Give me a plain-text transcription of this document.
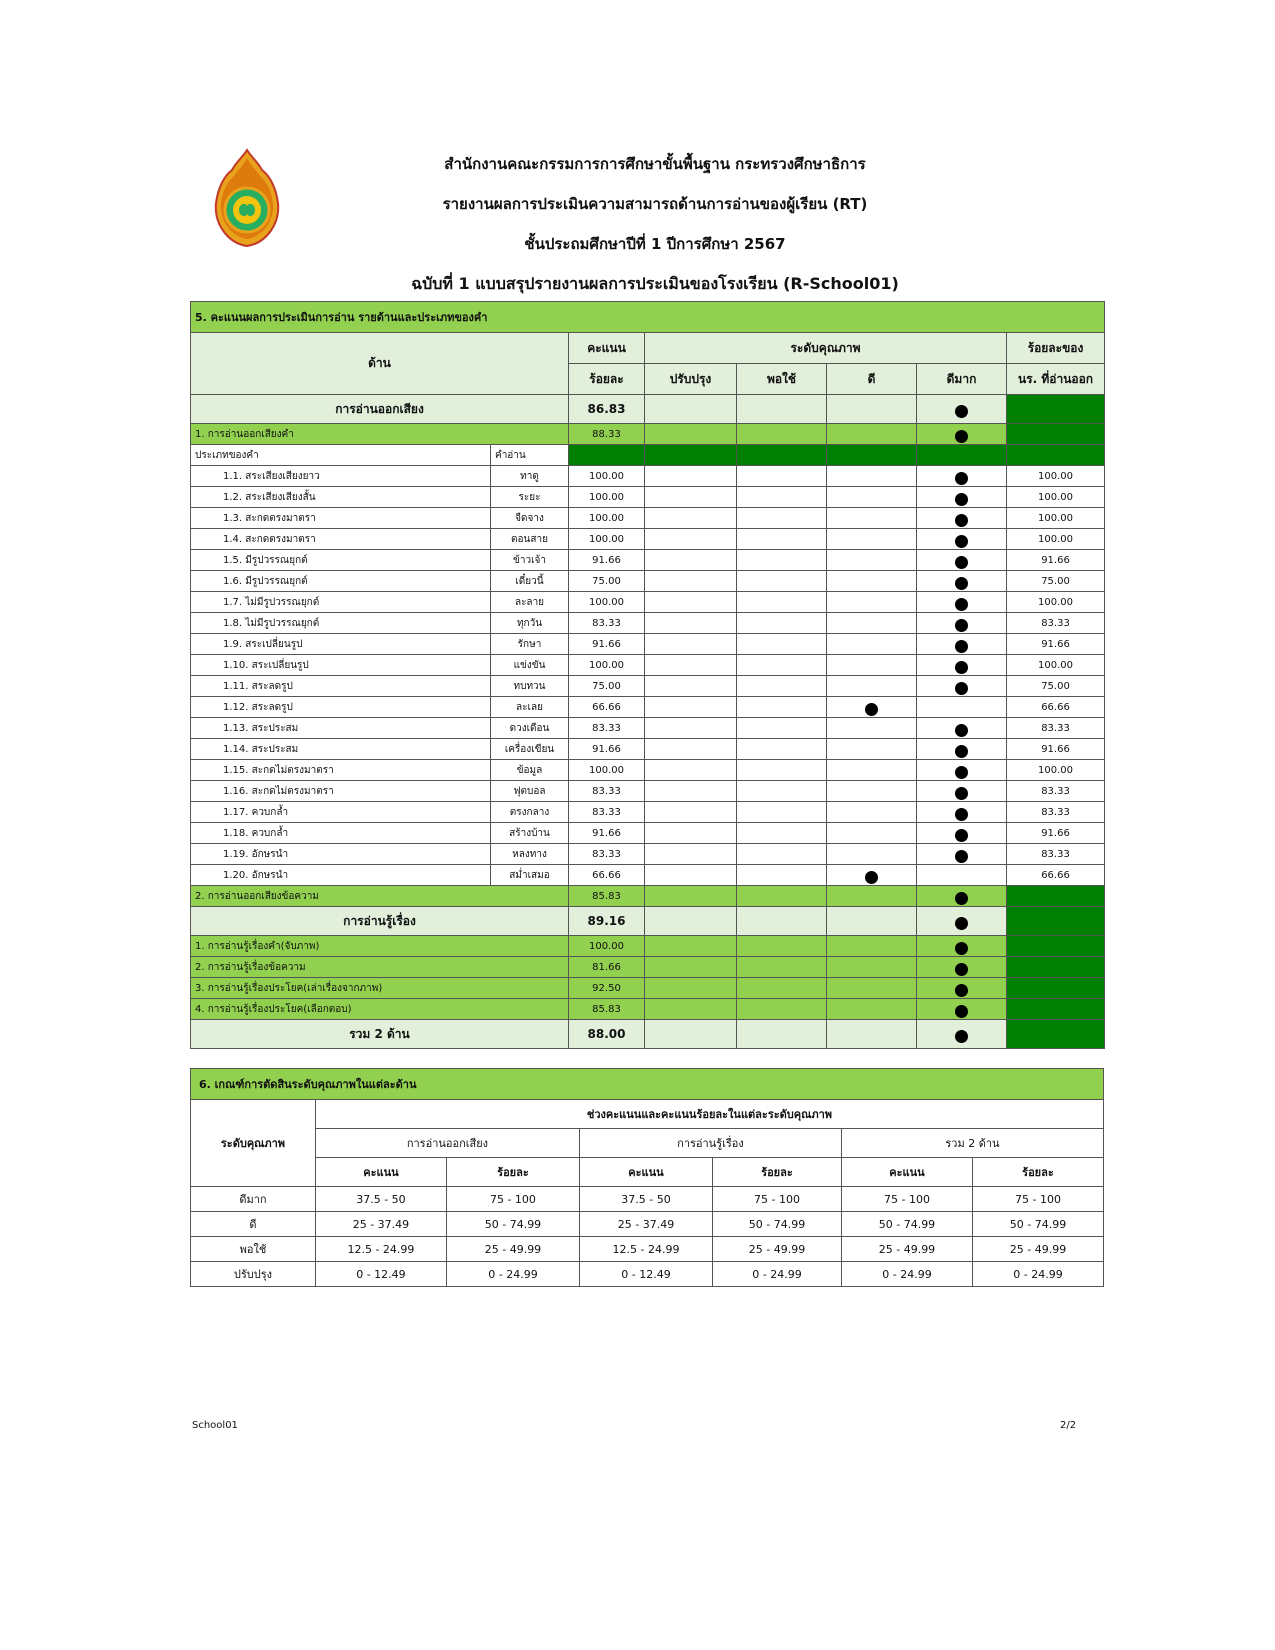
สำนักงานคณะกรรมการการศึกษาขั้นพื้นฐาน กระทรวงศึกษาธิการ
รายงานผลการประเมินความสามารถด้านการอ่านของผู้เรียน (RT)
ชั้นประถมศึกษาปีที่ 1 ปีการศึกษา 2567
ฉบับที่ 1 แบบสรุปรายงานผลการประเมินของโรงเรียน (R-School01)
5. คะแนนผลการประเมินการอ่าน รายด้านและประเภทของคำ							
ด้าน		คะแนน	ระดับคุณภาพ				ร้อยละของ
		ร้อยละ	ปรับปรุง	พอใช้	ดี	ดีมาก	นร. ที่อ่านออก
การอ่านออกเสียง		86.83					
1. การอ่านออกเสียงคำ		88.33					
ประเภทของคำ	คำอ่าน						
1.1. สระเสียงเสียงยาว	ทาดู	100.00					100.00
1.2. สระเสียงเสียงสั้น	ระยะ	100.00					100.00
1.3. สะกดตรงมาตรา	จืดจาง	100.00					100.00
1.4. สะกดตรงมาตรา	ตอนสาย	100.00					100.00
1.5. มีรูปวรรณยุกต์	ข้าวเจ้า	91.66					91.66
1.6. มีรูปวรรณยุกต์	เดี๋ยวนี้	75.00					75.00
1.7. ไม่มีรูปวรรณยุกต์	ละลาย	100.00					100.00
1.8. ไม่มีรูปวรรณยุกต์	ทุกวัน	83.33					83.33
1.9. สระเปลี่ยนรูป	รักษา	91.66					91.66
1.10. สระเปลี่ยนรูป	แข่งขัน	100.00					100.00
1.11. สระลดรูป	ทบทวน	75.00					75.00
1.12. สระลดรูป	ละเลย	66.66					66.66
1.13. สระประสม	ดวงเดือน	83.33					83.33
1.14. สระประสม	เครื่องเขียน	91.66					91.66
1.15. สะกดไม่ตรงมาตรา	ข้อมูล	100.00					100.00
1.16. สะกดไม่ตรงมาตรา	ฟุตบอล	83.33					83.33
1.17. ควบกล้ำ	ตรงกลาง	83.33					83.33
1.18. ควบกล้ำ	สร้างบ้าน	91.66					91.66
1.19. อักษรนำ	หลงทาง	83.33					83.33
1.20. อักษรนำ	สม่ำเสมอ	66.66					66.66
2. การอ่านออกเสียงข้อความ		85.83					
การอ่านรู้เรื่อง		89.16					
1. การอ่านรู้เรื่องคำ(จับภาพ)		100.00					
2. การอ่านรู้เรื่องข้อความ		81.66					
3. การอ่านรู้เรื่องประโยค(เล่าเรื่องจากภาพ)		92.50					
4. การอ่านรู้เรื่องประโยค(เลือกตอบ)		85.83					
รวม 2 ด้าน		88.00					
6. เกณฑ์การตัดสินระดับคุณภาพในแต่ละด้าน						
ระดับคุณภาพ	ช่วงคะแนนและคะแนนร้อยละในแต่ละระดับคุณภาพ					
	การอ่านออกเสียง		การอ่านรู้เรื่อง		รวม 2 ด้าน	
	คะแนน	ร้อยละ	คะแนน	ร้อยละ	คะแนน	ร้อยละ
ดีมาก	37.5 - 50	75 - 100	37.5 - 50	75 - 100	75 - 100	75 - 100
ดี	25 - 37.49	50 - 74.99	25 - 37.49	50 - 74.99	50 - 74.99	50 - 74.99
พอใช้	12.5 - 24.99	25 - 49.99	12.5 - 24.99	25 - 49.99	25 - 49.99	25 - 49.99
ปรับปรุง	0 - 12.49	0 - 24.99	0 - 12.49	0 - 24.99	0 - 24.99	0 - 24.99
School01	2/2
